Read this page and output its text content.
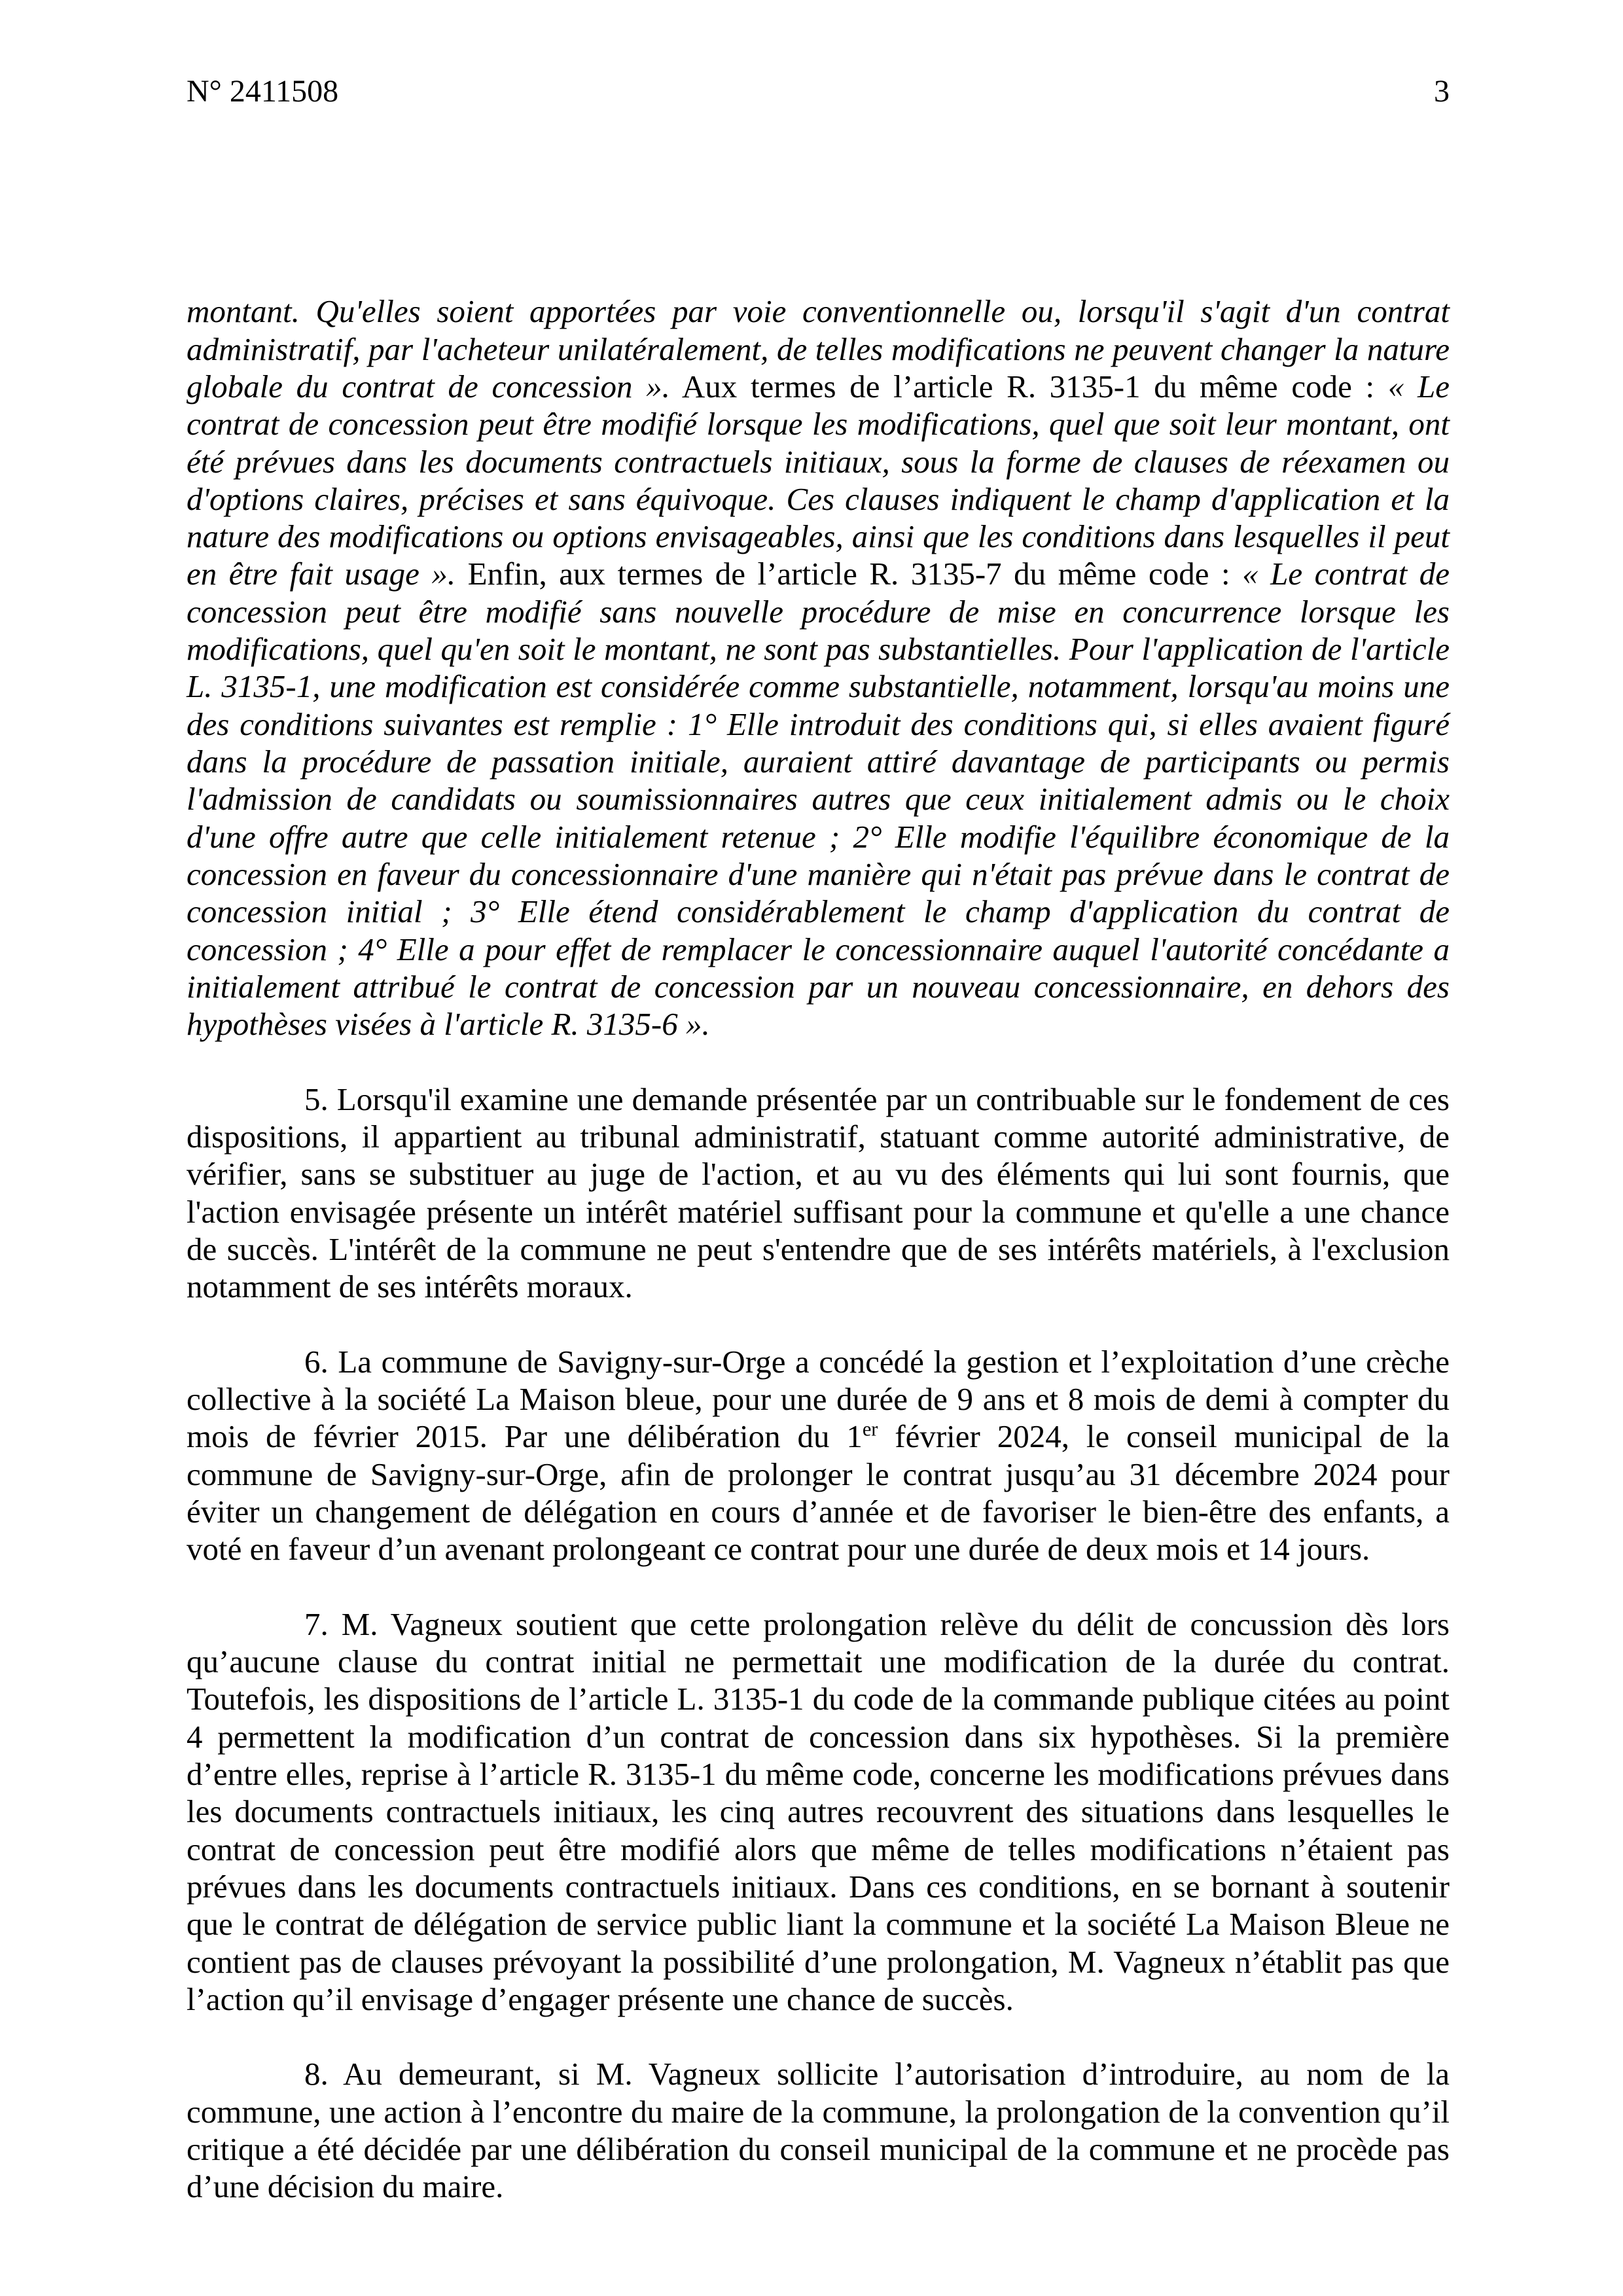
N° 2411508	3

montant. Qu'elles soient apportées par voie conventionnelle ou, lorsqu'il s'agit d'un contrat administratif, par l'acheteur unilatéralement, de telles modifications ne peuvent changer la nature globale du contrat de concession ». Aux termes de l’article R. 3135-1 du même code : « Le contrat de concession peut être modifié lorsque les modifications, quel que soit leur montant, ont été prévues dans les documents contractuels initiaux, sous la forme de clauses de réexamen ou d'options claires, précises et sans équivoque. Ces clauses indiquent le champ d'application et la nature des modifications ou options envisageables, ainsi que les conditions dans lesquelles il peut en être fait usage ». Enfin, aux termes de l’article R. 3135-7 du même code : « Le contrat de concession peut être modifié sans nouvelle procédure de mise en concurrence lorsque les modifications, quel qu'en soit le montant, ne sont pas substantielles. Pour l'application de l'article L. 3135-1, une modification est considérée comme substantielle, notamment, lorsqu'au moins une des conditions suivantes est remplie : 1° Elle introduit des conditions qui, si elles avaient figuré dans la procédure de passation initiale, auraient attiré davantage de participants ou permis l'admission de candidats ou soumissionnaires autres que ceux initialement admis ou le choix d'une offre autre que celle initialement retenue ; 2° Elle modifie l'équilibre économique de la concession en faveur du concessionnaire d'une manière qui n'était pas prévue dans le contrat de concession initial ; 3° Elle étend considérablement le champ d'application du contrat de concession ; 4° Elle a pour effet de remplacer le concessionnaire auquel l'autorité concédante a initialement attribué le contrat de concession par un nouveau concessionnaire, en dehors des hypothèses visées à l'article R. 3135-6 ».

5. Lorsqu'il examine une demande présentée par un contribuable sur le fondement de ces dispositions, il appartient au tribunal administratif, statuant comme autorité administrative, de vérifier, sans se substituer au juge de l'action, et au vu des éléments qui lui sont fournis, que l'action envisagée présente un intérêt matériel suffisant pour la commune et qu'elle a une chance de succès. L'intérêt de la commune ne peut s'entendre que de ses intérêts matériels, à l'exclusion notamment de ses intérêts moraux.

6. La commune de Savigny-sur-Orge a concédé la gestion et l’exploitation d’une crèche collective à la société La Maison bleue, pour une durée de 9 ans et 8 mois de demi à compter du mois de février 2015. Par une délibération du 1er février 2024, le conseil municipal de la commune de Savigny-sur-Orge, afin de prolonger le contrat jusqu’au 31 décembre 2024 pour éviter un changement de délégation en cours d’année et de favoriser le bien-être des enfants, a voté en faveur d’un avenant prolongeant ce contrat pour une durée de deux mois et 14 jours.

7. M. Vagneux soutient que cette prolongation relève du délit de concussion dès lors qu’aucune clause du contrat initial ne permettait une modification de la durée du contrat. Toutefois, les dispositions de l’article L. 3135-1 du code de la commande publique citées au point 4 permettent la modification d’un contrat de concession dans six hypothèses. Si la première d’entre elles, reprise à l’article R. 3135-1 du même code, concerne les modifications prévues dans les documents contractuels initiaux, les cinq autres recouvrent des situations dans lesquelles le contrat de concession peut être modifié alors que même de telles modifications n’étaient pas prévues dans les documents contractuels initiaux. Dans ces conditions, en se bornant à soutenir que le contrat de délégation de service public liant la commune et la société La Maison Bleue ne contient pas de clauses prévoyant la possibilité d’une prolongation, M. Vagneux n’établit pas que l’action qu’il envisage d’engager présente une chance de succès.

8. Au demeurant, si M. Vagneux sollicite l’autorisation d’introduire, au nom de la commune, une action à l’encontre du maire de la commune, la prolongation de la convention qu’il critique a été décidée par une délibération du conseil municipal de la commune et ne procède pas d’une décision du maire.
